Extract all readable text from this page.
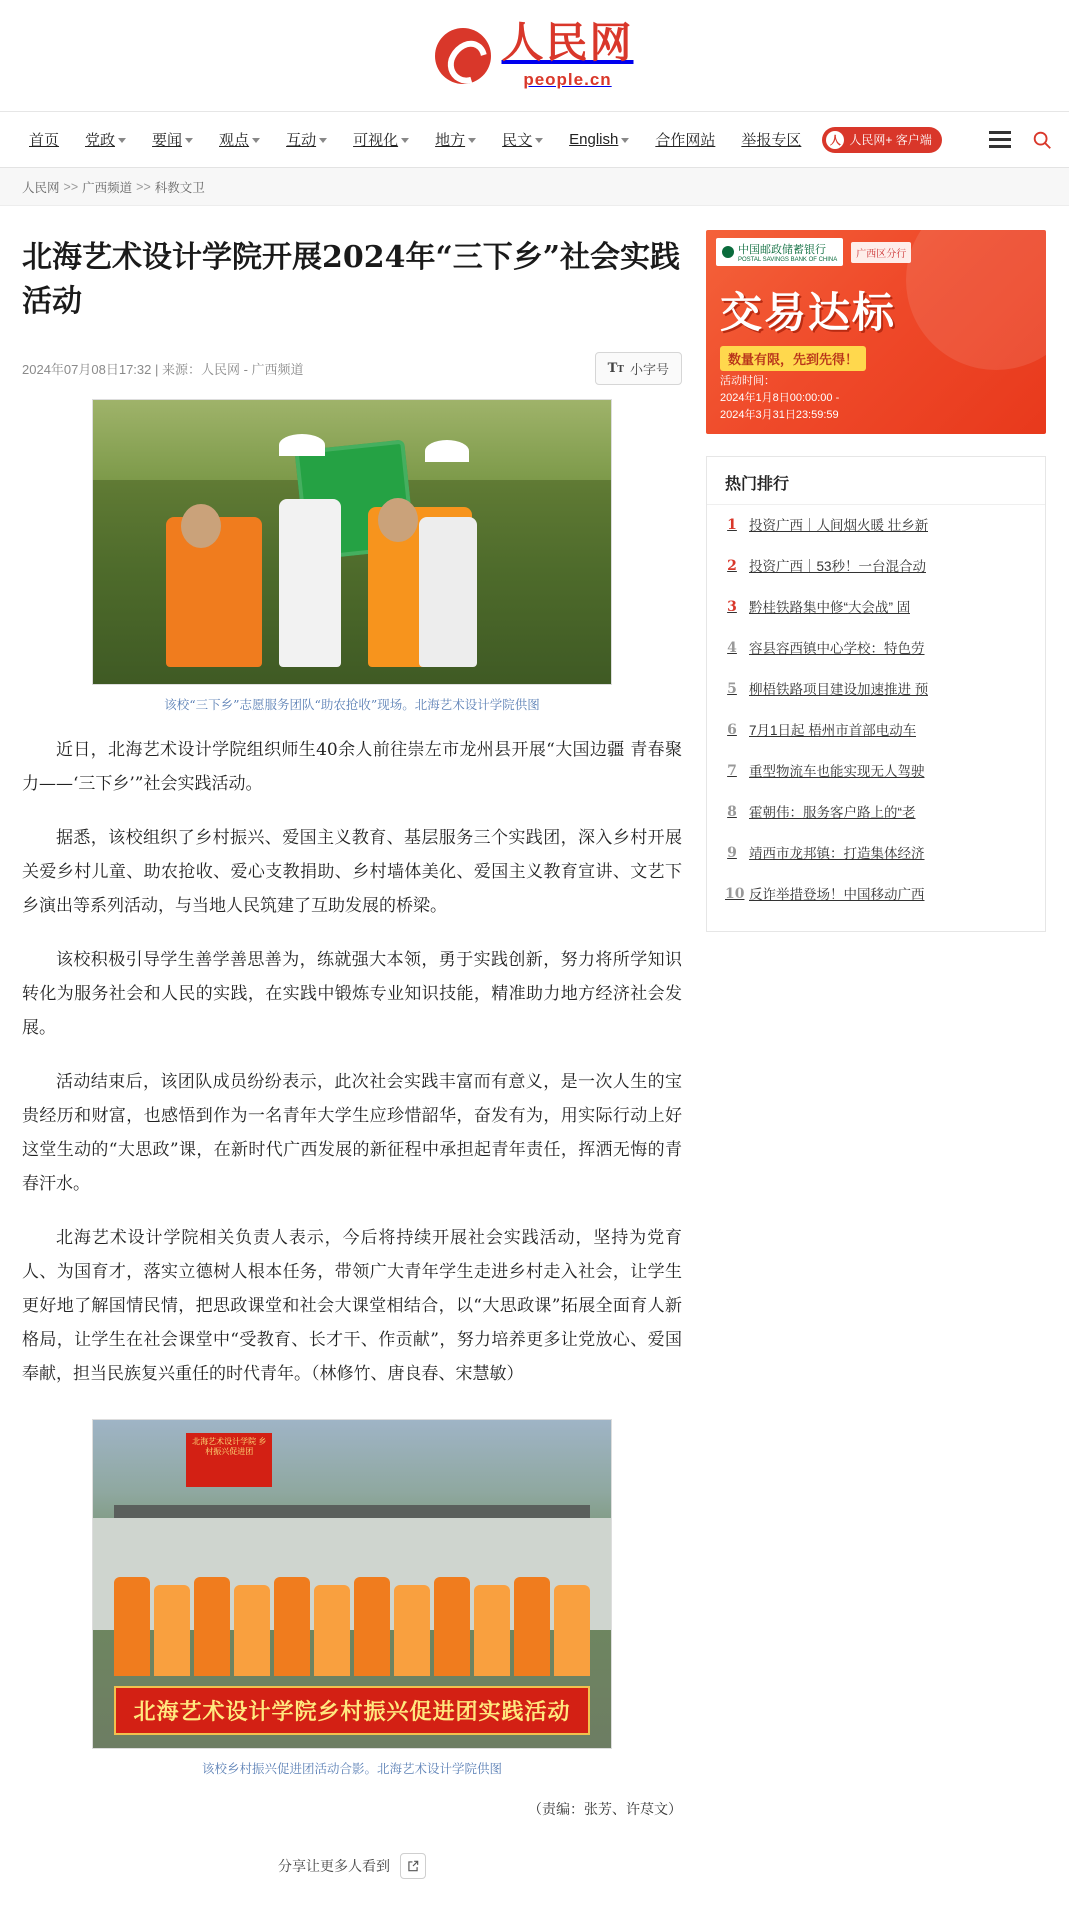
人民网
people.cn
首页 党政 要闻 观点 互动 可视化 地方 民文 English 合作网站 举报专区	人 人民网+ 客户端
人民网 >> 广西频道 >> 科教文卫
北海艺术设计学院开展2024年“三下乡”社会实践活动
2024年07月08日17:32 | 来源：人民网 - 广西频道	TT 小字号
该校“三下乡”志愿服务团队“助农抢收”现场。北海艺术设计学院供图

近日，北海艺术设计学院组织师生40余人前往崇左市龙州县开展“大国边疆 青春聚力——‘三下乡’”社会实践活动。

据悉，该校组织了乡村振兴、爱国主义教育、基层服务三个实践团，深入乡村开展关爱乡村儿童、助农抢收、爱心支教捐助、乡村墙体美化、爱国主义教育宣讲、文艺下乡演出等系列活动，与当地人民筑建了互助发展的桥梁。

该校积极引导学生善学善思善为，练就强大本领，勇于实践创新，努力将所学知识转化为服务社会和人民的实践，在实践中锻炼专业知识技能，精准助力地方经济社会发展。

活动结束后，该团队成员纷纷表示，此次社会实践丰富而有意义，是一次人生的宝贵经历和财富，也感悟到作为一名青年大学生应珍惜韶华，奋发有为，用实际行动上好这堂生动的“大思政”课，在新时代广西发展的新征程中承担起青年责任，挥洒无悔的青春汗水。

北海艺术设计学院相关负责人表示，今后将持续开展社会实践活动，坚持为党育人、为国育才，落实立德树人根本任务，带领广大青年学生走进乡村走入社会，让学生更好地了解国情民情，把思政课堂和社会大课堂相结合，以“大思政课”拓展全面育人新格局，让学生在社会课堂中“受教育、长才干、作贡献”，努力培养更多让党放心、爱国奉献，担当民族复兴重任的时代青年。（林修竹、唐良春、宋慧敏）

北海艺术设计学院 乡村振兴促进团
北海艺术设计学院乡村振兴促进团实践活动
该校乡村振兴促进团活动合影。北海艺术设计学院供图
（责编：张芳、许荩文）
分享让更多人看到
中国邮政储蓄银行
POSTAL SAVINGS BANK OF CHINA
广西区分行
交易达标
数量有限，先到先得！
活动时间：
2024年1月8日00:00:00 -
2024年3月31日23:59:59
热门排行
1 投资广西｜人间烟火暖 壮乡新
2 投资广西｜53秒！一台混合动
3 黔桂铁路集中修“大会战” 固
4 容县容西镇中心学校：特色劳
5 柳梧铁路项目建设加速推进 预
6 7月1日起 梧州市首部电动车
7 重型物流车也能实现无人驾驶
8 霍朝伟：服务客户路上的“老
9 靖西市龙邦镇：打造集体经济
10 反诈举措登场！中国移动广西
